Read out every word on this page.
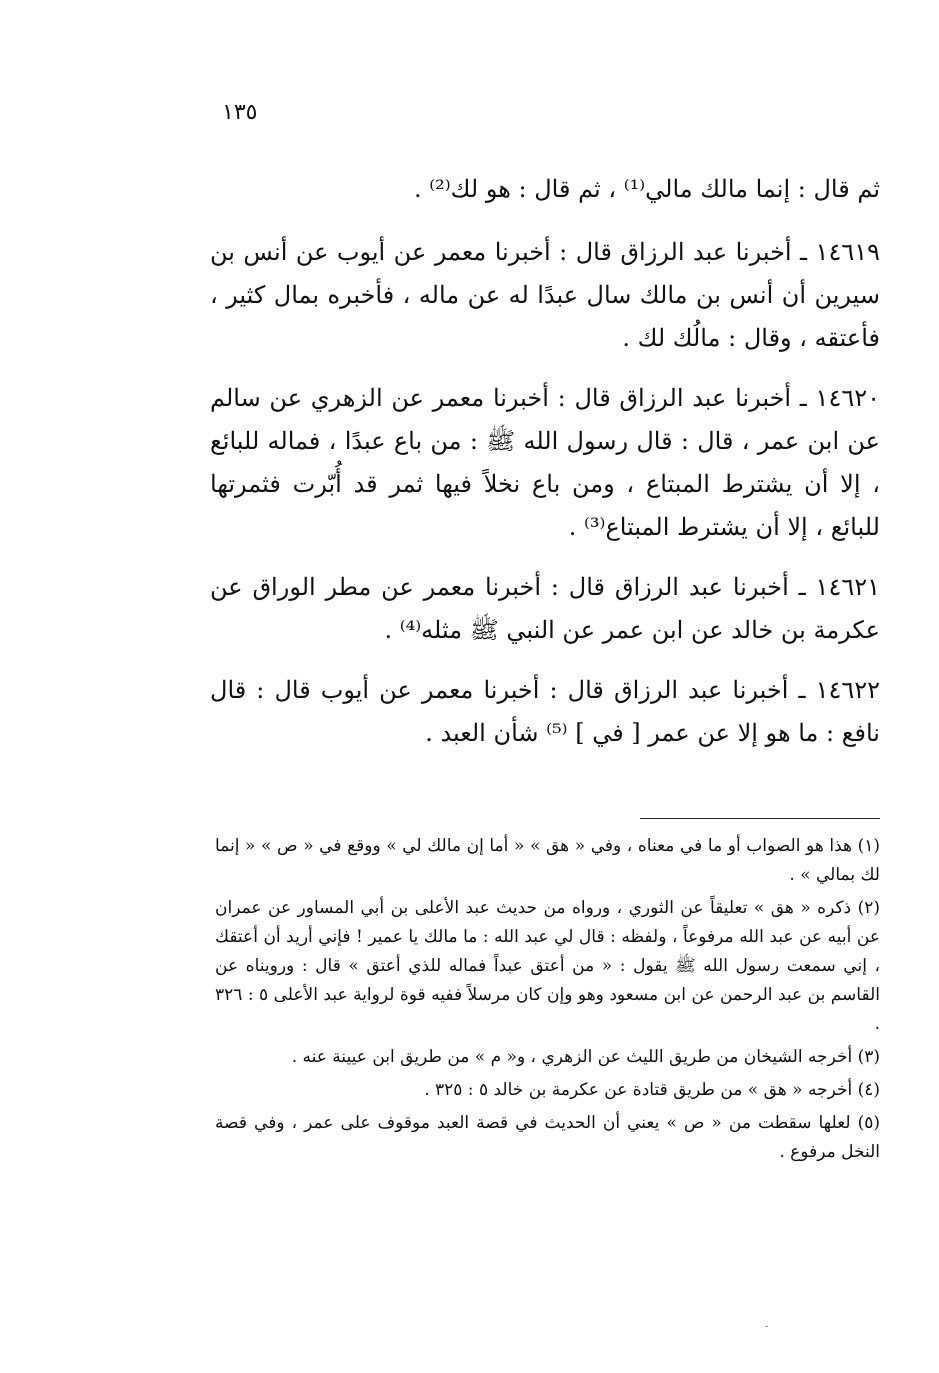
١٣٥

ثم قال : إنما مالك مالي⁽¹⁾ ، ثم قال : هو لك⁽²⁾ .

١٤٦١٩ ـ أخبرنا عبد الرزاق قال : أخبرنا معمر عن أيوب عن أنس بن سيرين أن أنس بن مالك سال عبدًا له عن ماله ، فأخبره بمال كثير ، فأعتقه ، وقال : مالُك لك .

١٤٦٢٠ ـ أخبرنا عبد الرزاق قال : أخبرنا معمر عن الزهري عن سالم عن ابن عمر ، قال : قال رسول الله ﷺ : من باع عبدًا ، فماله للبائع ، إلا أن يشترط المبتاع ، ومن باع نخلاً فيها ثمر قد أُبّرت فثمرتها للبائع ، إلا أن يشترط المبتاع⁽³⁾ .

١٤٦٢١ ـ أخبرنا عبد الرزاق قال : أخبرنا معمر عن مطر الوراق عن عكرمة بن خالد عن ابن عمر عن النبي ﷺ مثله⁽⁴⁾ .

١٤٦٢٢ ـ أخبرنا عبد الرزاق قال : أخبرنا معمر عن أيوب قال : قال نافع : ما هو إلا عن عمر [ في ] ⁽⁵⁾ شأن العبد .

(١) هذا هو الصواب أو ما في معناه ، وفي « هق » « أما إن مالك لي » ووقع في « ص » « إنما لك بمالي » .

(٢) ذكره « هق » تعليقاً عن الثوري ، ورواه من حديث عبد الأعلى بن أبي المساور عن عمران عن أبيه عن عبد الله مرفوعاً ، ولفظه : قال لي عبد الله : ما مالك يا عمير ! فإني أريد أن أعتقك ، إني سمعت رسول الله ﷺ يقول : « من أعتق عبداً فماله للذي أعتق » قال : ورويناه عن القاسم بن عبد الرحمن عن ابن مسعود وهو وإن كان مرسلاً ففيه قوة لرواية عبد الأعلى ٥ : ٣٢٦ .

(٣) أخرجه الشيخان من طريق الليث عن الزهري ، و« م » من طريق ابن عيينة عنه .

(٤) أخرجه « هق » من طريق قتادة عن عكرمة بن خالد ٥ : ٣٢٥ .

(٥) لعلها سقطت من « ص » يعني أن الحديث في قصة العبد موقوف على عمر ، وفي قصة النخل مرفوع .
